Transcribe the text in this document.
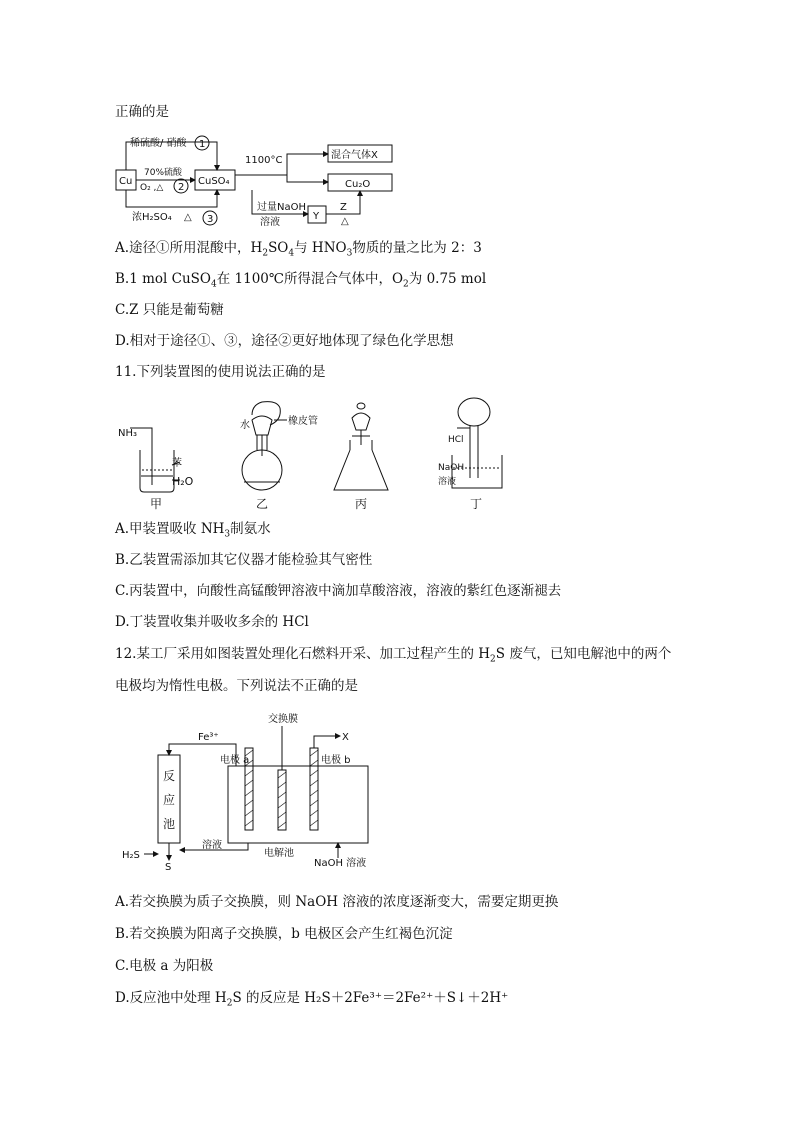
正确的是
Cu
稀硫酸/ 硝酸 1
70%硫酸
O₂ ,△ 2
浓H₂SO₄ △ 3
CuSO₄
1100°C	混合气体X
Cu₂O
过量NaOH
溶液
Y
Z
△
A.途径①所用混酸中，$H_2SO_4$与 $HNO_3$物质的量之比为 2：3
B.1 mol CuSO$_4$在 1100℃所得混合气体中，$O_2$为 0.75 mol
C.Z 只能是葡萄糖
D.相对于途径①、③，途径②更好地体现了绿色化学思想
11.下列装置图的使用说法正确的是
NH₃
苯
H₂O
甲
水	橡皮管
乙	丙
HCl
NaOH
溶液
丁
A.甲装置吸收 $NH_3$制氨水
B.乙装置需添加其它仪器才能检验其气密性
C.丙装置中，向酸性高锰酸钾溶液中滴加草酸溶液，溶液的紫红色逐渐褪去
D.丁装置收集并吸收多余的 HCl
12.某工厂采用如图装置处理化石燃料开采、加工过程产生的 $H_2S$ 废气，已知电解池中的两个
电极均为惰性电极。下列说法不正确的是
交换膜
Fe³⁺	X
电极 a	电极 b
反
应
池
H₂S
S
溶液
电解池
NaOH 溶液
A.若交换膜为质子交换膜，则 NaOH 溶液的浓度逐渐变大，需要定期更换
B.若交换膜为阳离子交换膜，b 电极区会产生红褐色沉淀
C.电极 a 为阳极
D.反应池中处理 $H_2S$ 的反应是 H₂S＋2Fe³⁺＝2Fe²⁺＋S↓＋2H⁺
